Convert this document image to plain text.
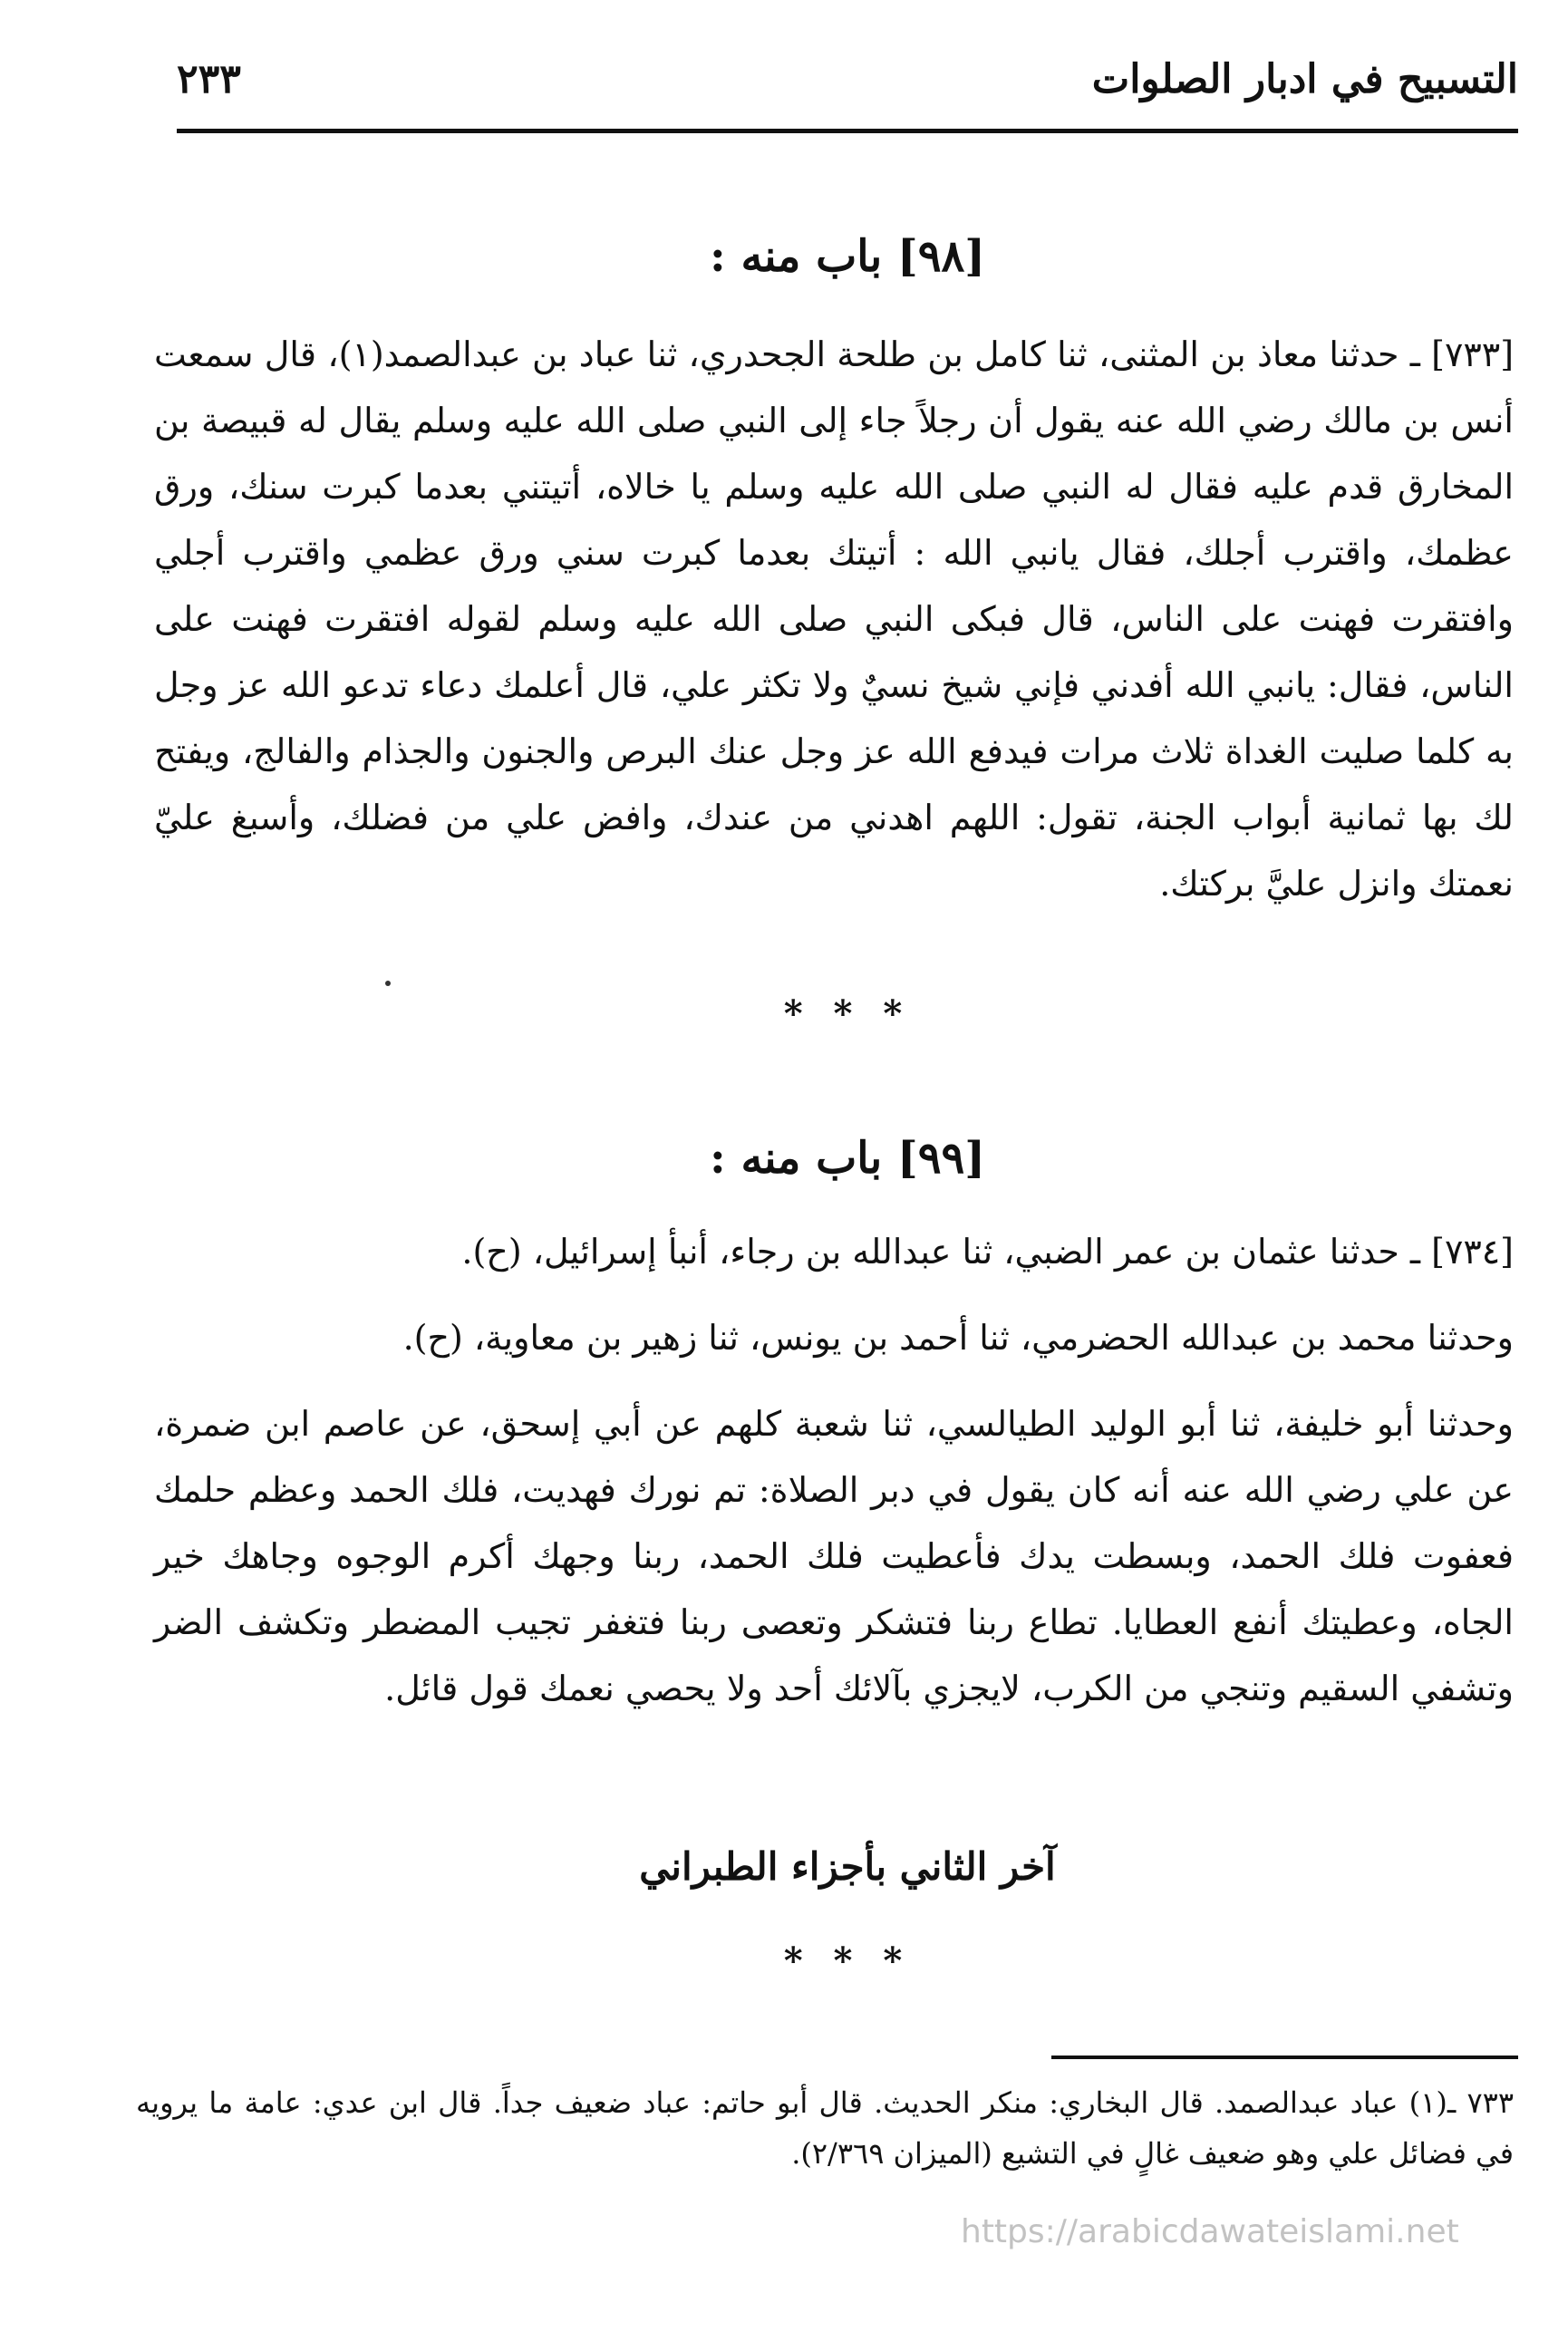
التسبيح في ادبار الصلوات
٢٣٣
[٩٨] باب منه :

[٧٣٣] ـ حدثنا معاذ بن المثنى، ثنا كامل بن طلحة الجحدري، ثنا عباد بن عبدالصمد(١)، قال سمعت أنس بن مالك رضي الله عنه يقول أن رجلاً جاء إلى النبي صلى الله عليه وسلم يقال له قبيصة بن المخارق قدم عليه فقال له النبي صلى الله عليه وسلم يا خالاه، أتيتني بعدما كبرت سنك، ورق عظمك، واقترب أجلك، فقال يانبي الله : أتيتك بعدما كبرت سني ورق عظمي واقترب أجلي وافتقرت فهنت على الناس، قال فبكى النبي صلى الله عليه وسلم لقوله افتقرت فهنت على الناس، فقال: يانبي الله أفدني فإني شيخ نسيٌ ولا تكثر علي، قال أعلمك دعاء تدعو الله عز وجل به كلما صليت الغداة ثلاث مرات فيدفع الله عز وجل عنك البرص والجنون والجذام والفالج، ويفتح لك بها ثمانية أبواب الجنة، تقول: اللهم اهدني من عندك، وافض علي من فضلك، وأسبغ عليّ نعمتك وانزل عليَّ بركتك.

* * *
[٩٩] باب منه :

[٧٣٤] ـ حدثنا عثمان بن عمر الضبي، ثنا عبدالله بن رجاء، أنبأ إسرائيل، (ح).

وحدثنا محمد بن عبدالله الحضرمي، ثنا أحمد بن يونس، ثنا زهير بن معاوية، (ح).

وحدثنا أبو خليفة، ثنا أبو الوليد الطيالسي، ثنا شعبة كلهم عن أبي إسحق، عن عاصم ابن ضمرة، عن علي رضي الله عنه أنه كان يقول في دبر الصلاة: تم نورك فهديت، فلك الحمد وعظم حلمك فعفوت فلك الحمد، وبسطت يدك فأعطيت فلك الحمد، ربنا وجهك أكرم الوجوه وجاهك خير الجاه، وعطيتك أنفع العطايا. تطاع ربنا فتشكر وتعصى ربنا فتغفر تجيب المضطر وتكشف الضر وتشفي السقيم وتنجي من الكرب، لايجزي بآلائك أحد ولا يحصي نعمك قول قائل.

آخر الثاني بأجزاء الطبراني
* * *

٧٣٣ ـ(١) عباد عبدالصمد. قال البخاري: منكر الحديث. قال أبو حاتم: عباد ضعيف جداً. قال ابن عدي: عامة ما يرويه في فضائل علي وهو ضعيف غالٍ في التشيع (الميزان ٢/٣٦٩).

https://arabicdawateislami.net
